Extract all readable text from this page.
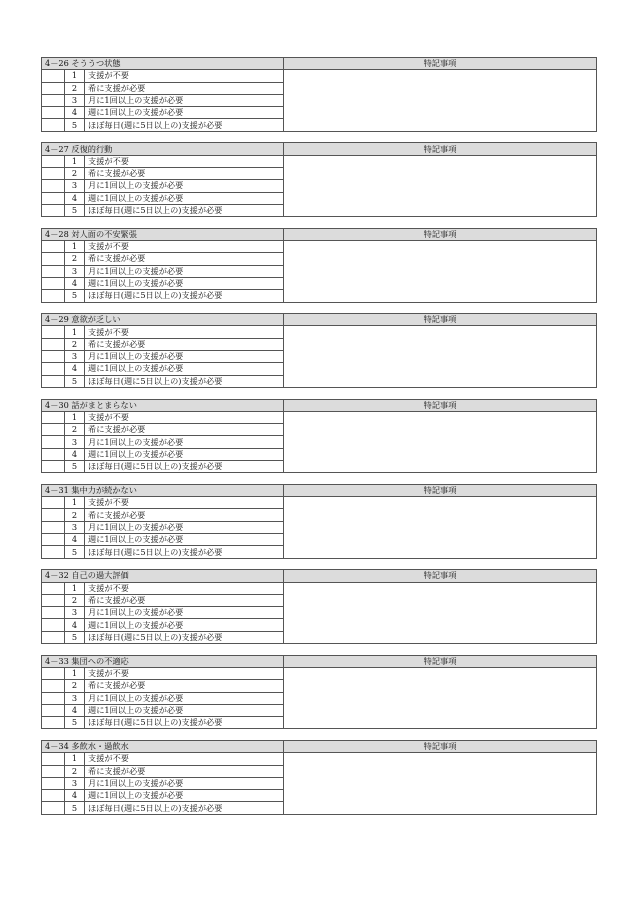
4－26 そううつ状態			特記事項
	1	支援が不要	
	2	希に支援が必要	
	3	月に1回以上の支援が必要	
	4	週に1回以上の支援が必要	
	5	ほぼ毎日(週に5日以上の)支援が必要	
4－27 反復的行動			特記事項
	1	支援が不要	
	2	希に支援が必要	
	3	月に1回以上の支援が必要	
	4	週に1回以上の支援が必要	
	5	ほぼ毎日(週に5日以上の)支援が必要	
4－28 対人面の不安緊張			特記事項
	1	支援が不要	
	2	希に支援が必要	
	3	月に1回以上の支援が必要	
	4	週に1回以上の支援が必要	
	5	ほぼ毎日(週に5日以上の)支援が必要	
4－29 意欲が乏しい			特記事項
	1	支援が不要	
	2	希に支援が必要	
	3	月に1回以上の支援が必要	
	4	週に1回以上の支援が必要	
	5	ほぼ毎日(週に5日以上の)支援が必要	
4－30 話がまとまらない			特記事項
	1	支援が不要	
	2	希に支援が必要	
	3	月に1回以上の支援が必要	
	4	週に1回以上の支援が必要	
	5	ほぼ毎日(週に5日以上の)支援が必要	
4－31 集中力が続かない			特記事項
	1	支援が不要	
	2	希に支援が必要	
	3	月に1回以上の支援が必要	
	4	週に1回以上の支援が必要	
	5	ほぼ毎日(週に5日以上の)支援が必要	
4－32 自己の過大評価			特記事項
	1	支援が不要	
	2	希に支援が必要	
	3	月に1回以上の支援が必要	
	4	週に1回以上の支援が必要	
	5	ほぼ毎日(週に5日以上の)支援が必要	
4－33 集団への不適応			特記事項
	1	支援が不要	
	2	希に支援が必要	
	3	月に1回以上の支援が必要	
	4	週に1回以上の支援が必要	
	5	ほぼ毎日(週に5日以上の)支援が必要	
4－34 多飲水・過飲水			特記事項
	1	支援が不要	
	2	希に支援が必要	
	3	月に1回以上の支援が必要	
	4	週に1回以上の支援が必要	
	5	ほぼ毎日(週に5日以上の)支援が必要	
